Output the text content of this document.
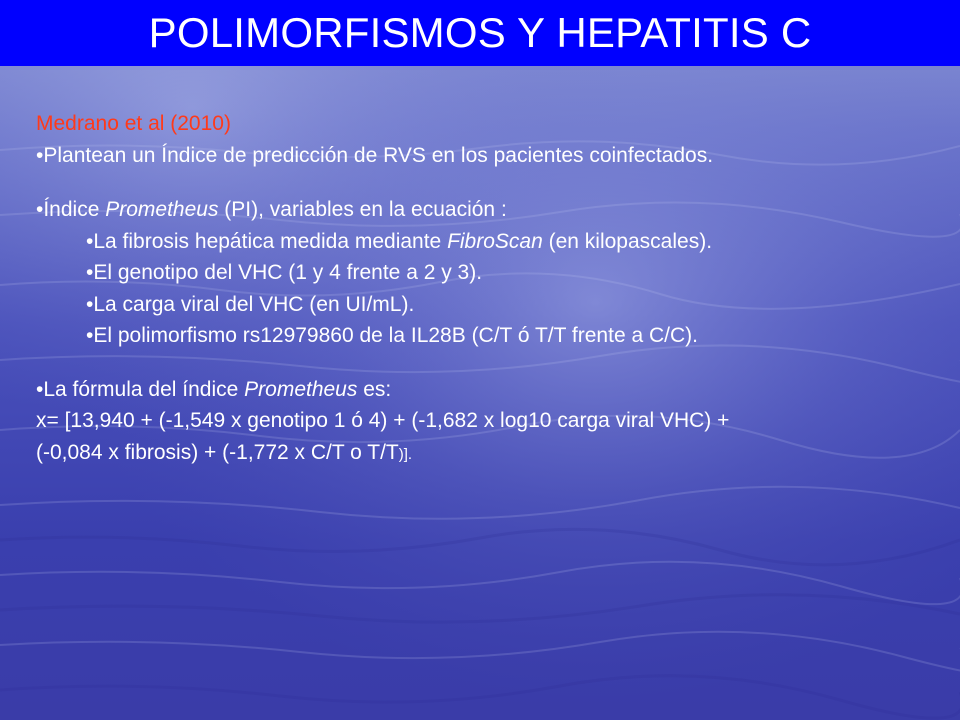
POLIMORFISMOS Y HEPATITIS C
Medrano et al (2010)
•Plantean un Índice de predicción de RVS en los pacientes coinfectados.
•Índice Prometheus (PI), variables en la ecuación :
•La fibrosis hepática medida mediante FibroScan (en kilopascales).
•El genotipo del VHC (1 y 4 frente a 2 y 3).
•La carga viral del VHC (en UI/mL).
•El polimorfismo rs12979860 de la IL28B (C/T ó T/T frente a C/C).
•La fórmula del índice Prometheus es:
x= [13,940 + (-1,549 x genotipo 1 ó 4) + (-1,682 x log10 carga viral VHC) +
(-0,084 x fibrosis) + (-1,772 x C/T o T/T)].
